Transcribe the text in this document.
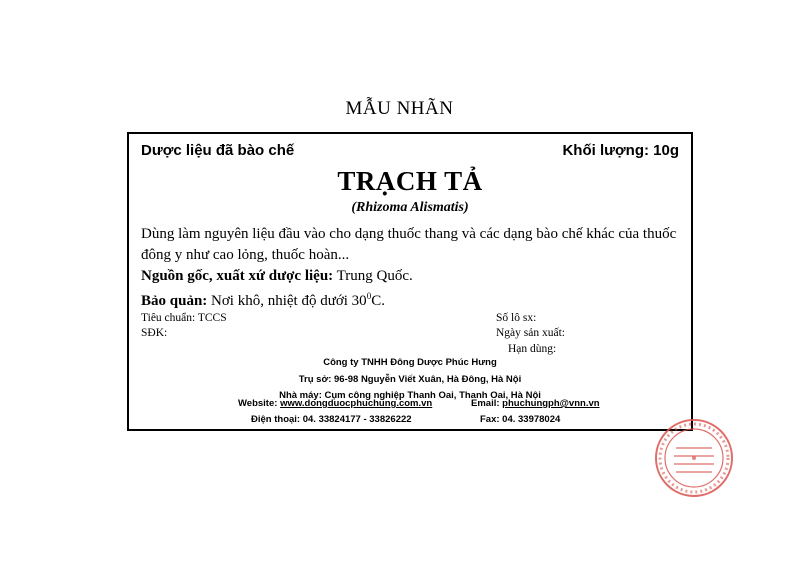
MẪU NHÃN
Dược liệu đã bào chế	Khối lượng: 10g
TRẠCH TẢ
(Rhizoma Alismatis)
Dùng làm nguyên liệu đầu vào cho dạng thuốc thang và các dạng bào chế khác của thuốc đông y như cao lỏng, thuốc hoàn...
Nguồn gốc, xuất xứ dược liệu: Trung Quốc.
Bảo quản: Nơi khô, nhiệt độ dưới $30^0C$.
Tiêu chuẩn: TCCS
SĐK:
Số lô sx:
Ngày sản xuất:
Hạn dùng:
Công ty TNHH Đông Dược Phúc Hưng
Trụ sở: 96-98 Nguyễn Viết Xuân, Hà Đông, Hà Nội
Nhà máy: Cụm công nghiệp Thanh Oai, Thanh Oai, Hà Nội
Website: www.dongduocphuchung.com.vn
Điện thoại: 04. 33824177 - 33826222
Email: phuchungph@vnn.vn
Fax: 04. 33978024
